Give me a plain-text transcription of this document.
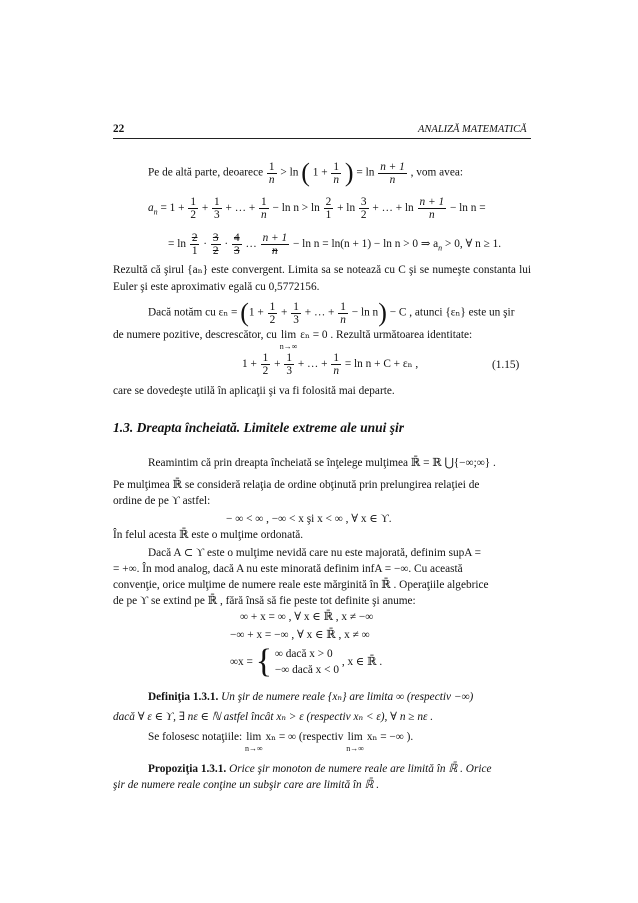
22	ANALIZĂ MATEMATICĂ
Pe de altă parte, deoarece $\frac{1}{n} > \ln$ ( $1 + \frac{1}{n}$ ) = $\ln \frac{n + 1}{n}$ , vom avea:
$a_n = 1 + \frac{1}{2} + \frac{1}{3}$ + … + $\frac{1}{n} - \ln n > \ln \frac{2}{1} + \ln \frac{3}{2}$ + … + $\ln \frac{n + 1}{n} - \ln n$ =
= $\ln \frac{2}{1} \cdot \frac{3}{2} \cdot \frac{4}{3}$ … $\frac{n + 1}{n} - \ln n = \ln(n + 1) - \ln n > 0$ ⇒ $a_n > 0$, ∀ n ≥ 1.
Rezultă că şirul {aₙ} este convergent. Limita sa se notează cu C şi se numeşte constanta lui Euler şi este aproximativ egală cu 0,5772156.
Dacă notăm cu $\varepsilon_n = (1 + \frac{1}{2} + \frac{1}{3}$ + … + $\frac{1}{n} - \ln n) - C$ , atunci {εₙ} este un şir
de numere pozitive, descrescător, cu lim
n→∞
εₙ = 0 . Rezultă următoarea identitate:
$1 + \frac{1}{2} + \frac{1}{3}$ + … + $\frac{1}{n} = \ln n + C + \varepsilon_n$ ,	(1.15)
care se dovedeşte utilă în aplicaţii şi va fi folosită mai departe.
1.3. Dreapta încheiată. Limitele extreme ale unui şir
Reamintim că prin dreapta încheiată se înţelege mulţimea ℝ̄ = ℝ ⋃{−∞;∞} .
Pe mulţimea ℝ̄ se consideră relaţia de ordine obţinută prin prelungirea relaţiei de
ordine de pe ϒ astfel:
− ∞ < ∞ , −∞ < x şi x < ∞ , ∀ x ∈ ϒ.
În felul acesta ℝ̄ este o mulţime ordonată.
Dacă A ⊂ ϒ este o mulţime nevidă care nu este majorată, definim supA =
= +∞. În mod analog, dacă A nu este minorată definim infA = −∞. Cu această
convenţie, orice mulţime de numere reale este mărginită în ℝ̄ . Operaţiile algebrice
de pe ϒ se extind pe ℝ̄ , fără însă să fie peste tot definite şi anume:
∞ + x = ∞ , ∀ x ∈ ℝ̄ , x ≠ −∞
−∞ + x = −∞ , ∀ x ∈ ℝ̄ , x ≠ ∞
∞x = { ∞ dacă x > 0
−∞ dacă x < 0
, x ∈ ℝ̄ .
Definiţia 1.3.1. Un şir de numere reale {xₙ} are limita ∞ (respectiv −∞)
dacă ∀ ε ∈ ϒ, ∃ nε ∈ ℕ astfel încât xₙ > ε (respectiv xₙ < ε), ∀ n ≥ nε .
Se folosesc notaţiile: lim
n→∞
xₙ = ∞ (respectiv lim
n→∞
xₙ = −∞ ).
Propoziţia 1.3.1. Orice şir monoton de numere reale are limită în ℝ̄ . Orice
şir de numere reale conţine un subşir care are limită în ℝ̄ .
